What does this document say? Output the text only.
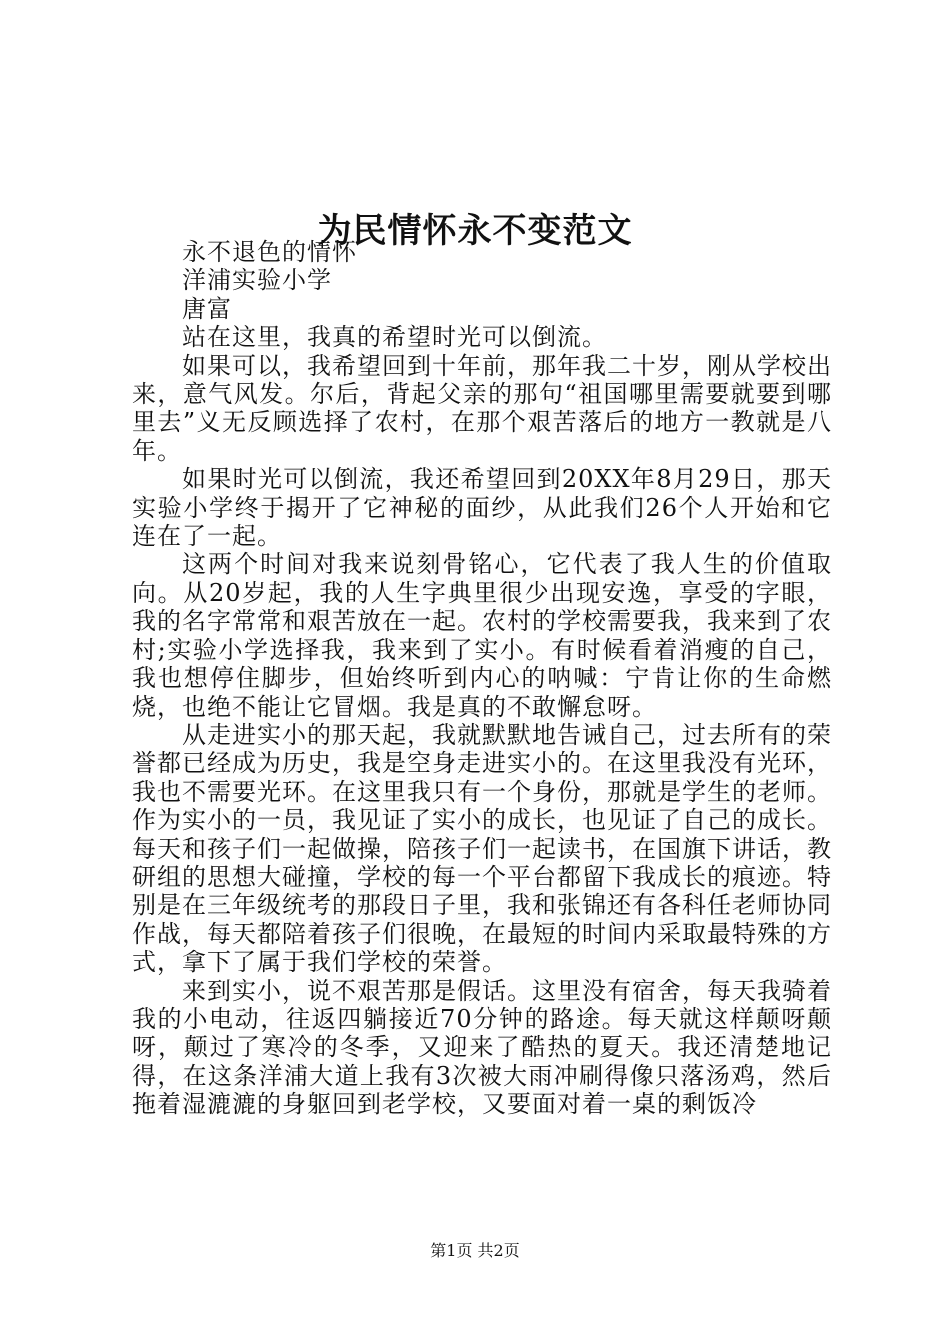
为民情怀永不变范文

永不退色的情怀

洋浦实验小学

唐富

站在这里，我真的希望时光可以倒流。

如果可以，我希望回到十年前，那年我二十岁，刚从学校出来，意气风发。尔后，背起父亲的那句“祖国哪里需要就要到哪里去”义无反顾选择了农村，在那个艰苦落后的地方一教就是八年。

如果时光可以倒流，我还希望回到20XX年8月29日，那天实验小学终于揭开了它神秘的面纱，从此我们26个人开始和它连在了一起。

这两个时间对我来说刻骨铭心，它代表了我人生的价值取向。从20岁起，我的人生字典里很少出现安逸，享受的字眼，我的名字常常和艰苦放在一起。农村的学校需要我，我来到了农村;实验小学选择我，我来到了实小。有时候看着消瘦的自己，我也想停住脚步，但始终听到内心的呐喊：宁肯让你的生命燃烧，也绝不能让它冒烟。我是真的不敢懈怠呀。

从走进实小的那天起，我就默默地告诫自己，过去所有的荣誉都已经成为历史，我是空身走进实小的。在这里我没有光环，我也不需要光环。在这里我只有一个身份，那就是学生的老师。作为实小的一员，我见证了实小的成长，也见证了自己的成长。每天和孩子们一起做操，陪孩子们一起读书，在国旗下讲话，教研组的思想大碰撞，学校的每一个平台都留下我成长的痕迹。特别是在三年级统考的那段日子里，我和张锦还有各科任老师协同作战，每天都陪着孩子们很晚，在最短的时间内采取最特殊的方式，拿下了属于我们学校的荣誉。

来到实小，说不艰苦那是假话。这里没有宿舍，每天我骑着我的小电动，往返四躺接近70分钟的路途。每天就这样颠呀颠呀，颠过了寒冷的冬季，又迎来了酷热的夏天。我还清楚地记得，在这条洋浦大道上我有3次被大雨冲刷得像只落汤鸡，然后拖着湿漉漉的身躯回到老学校，又要面对着一桌的剩饭冷

第1页 共2页
